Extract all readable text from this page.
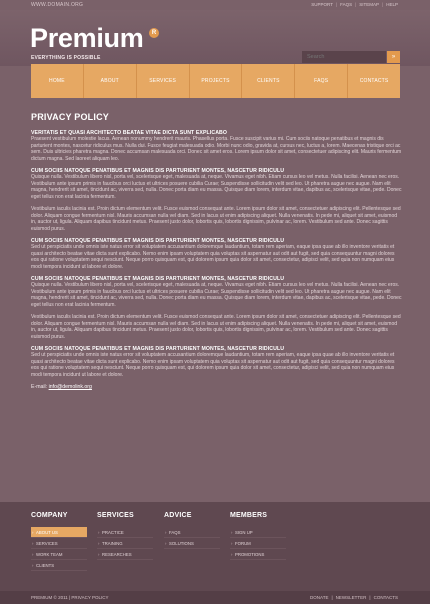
WWW.DOMAIN.ORG	SUPPORT | FAQS | SITEMAP | HELP
Premium	R
EVERYTHING IS POSSIBLE
Search	»
HOME	ABOUT	SERVICES	PROJECTS	CLIENTS	FAQS	CONTACTS
PRIVACY POLICY
VERITATIS ET QUASI ARCHITECTO BEATAE VITAE DICTA SUNT EXPLICABO
Praesent vestibulum molestie lacus. Aenean nonummy hendrerit mauris. Phasellus porta. Fusce suscipit varius mi. Cum sociis natoque penatibus et magnis dis parturient montes, nascetur ridiculus mus. Nulla dui. Fusce feugiat malesuada odio. Morbi nunc odio, gravida at, cursus nec, luctus a, lorem. Maecenas tristique orci ac sem. Duis ultricies pharetra magna. Donec accumsan malesuada orci. Donec sit amet eros. Lorem ipsum dolor sit amet, consectetuer adipiscing elit. Mauris fermentum dictum magna. Sed laoreet aliquam leo.
CUM SOCIIS NATOQUE PENATIBUS ET MAGNIS DIS PARTURIENT MONTES, NASCETUR RIDICULU
Quisque nulla. Vestibulum libero nisl, porta vel, scelerisque eget, malesuada at, neque. Vivamus eget nibh. Etiam cursus leo vel metus. Nulla facilisi. Aenean nec eros. Vestibulum ante ipsum primis in faucibus orci luctus et ultrices posuere cubilia Curae; Suspendisse sollicitudin velit sed leo. Ut pharetra augue nec augue. Nam elit magna, hendrerit sit amet, tincidunt ac, viverra sed, nulla. Donec porta diam eu massa. Quisque diam lorem, interdum vitae, dapibus ac, scelerisque vitae, pede. Donec eget tellus non erat lacinia fermentum.
Vestibulum iaculis lacinia est. Proin dictum elementum velit. Fusce euismod consequat ante. Lorem ipsum dolor sit amet, consectetuer adipiscing elit. Pellentesque sed dolor. Aliquam congue fermentum nisl. Mauris accumsan nulla vel diam. Sed in lacus ut enim adipiscing aliquet. Nulla venenatis. In pede mi, aliquet sit amet, euismod in, auctor ut, ligula. Aliquam dapibus tincidunt metus. Praesent justo dolor, lobortis quis, lobortis dignissim, pulvinar ac, lorem. Vestibulum sed ante. Donec sagittis euismod purus.
CUM SOCIIS NATOQUE PENATIBUS ET MAGNIS DIS PARTURIENT MONTES, NASCETUR RIDICULU
Sed ut perspiciatis unde omnis iste natus error sit voluptatem accusantium doloremque laudantium, totam rem aperiam, eaque ipsa quae ab illo inventore veritatis et quasi architecto beatae vitae dicta sunt explicabo. Nemo enim ipsam voluptatem quia voluptas sit aspernatur aut odit aut fugit, sed quia consequuntur magni dolores eos qui ratione voluptatem sequi nesciunt. Neque porro quisquam est, qui dolorem ipsum quia dolor sit amet, consectetur, adipisci velit, sed quia non numquam eius modi tempora incidunt ut labore et dolore.
CUM SOCIIS NATOQUE PENATIBUS ET MAGNIS DIS PARTURIENT MONTES, NASCETUR RIDICULU
Quisque nulla. Vestibulum libero nisl, porta vel, scelerisque eget, malesuada at, neque. Vivamus eget nibh. Etiam cursus leo vel metus. Nulla facilisi. Aenean nec eros. Vestibulum ante ipsum primis in faucibus orci luctus et ultrices posuere cubilia Curae; Suspendisse sollicitudin velit sed leo. Ut pharetra augue nec augue. Nam elit magna, hendrerit sit amet, tincidunt ac, viverra sed, nulla. Donec porta diam eu massa. Quisque diam lorem, interdum vitae, dapibus ac, scelerisque vitae, pede. Donec eget tellus non erat lacinia fermentum.
Vestibulum iaculis lacinia est. Proin dictum elementum velit. Fusce euismod consequat ante. Lorem ipsum dolor sit amet, consectetuer adipiscing elit. Pellentesque sed dolor. Aliquam congue fermentum nisl. Mauris accumsan nulla vel diam. Sed in lacus ut enim adipiscing aliquet. Nulla venenatis. In pede mi, aliquet sit amet, euismod in, auctor ut, ligula. Aliquam dapibus tincidunt metus. Praesent justo dolor, lobortis quis, lobortis dignissim, pulvinar ac, lorem. Vestibulum sed ante. Donec sagittis euismod purus.
CUM SOCIIS NATOQUE PENATIBUS ET MAGNIS DIS PARTURIENT MONTES, NASCETUR RIDICULU
Sed ut perspiciatis unde omnis iste natus error sit voluptatem accusantium doloremque laudantium, totam rem aperiam, eaque ipsa quae ab illo inventore veritatis et quasi architecto beatae vitae dicta sunt explicabo. Nemo enim ipsam voluptatem quia voluptas sit aspernatur aut odit aut fugit, sed quia consequuntur magni dolores eos qui ratione voluptatem sequi nesciunt. Neque porro quisquam est, qui dolorem ipsum quia dolor sit amet, consectetur, adipisci velit, sed quia non numquam eius modi tempora incidunt ut labore et dolore.
E-mail: info@demolink.org
COMPANY
› ABOUT US
› SERVICES
› WORK TEAM
› CLIENTS
SERVICES
› PRACTICE
› TRAINING
› RESEARCHES
ADVICE
› FAQS
› SOLUTIONS
MEMBERS
› SIGN UP
› FORUM
› PROMOTIONS
PREMIUM © 2011 | PRIVACY POLICY	DONATE | NEWSLETTER | CONTACTS
